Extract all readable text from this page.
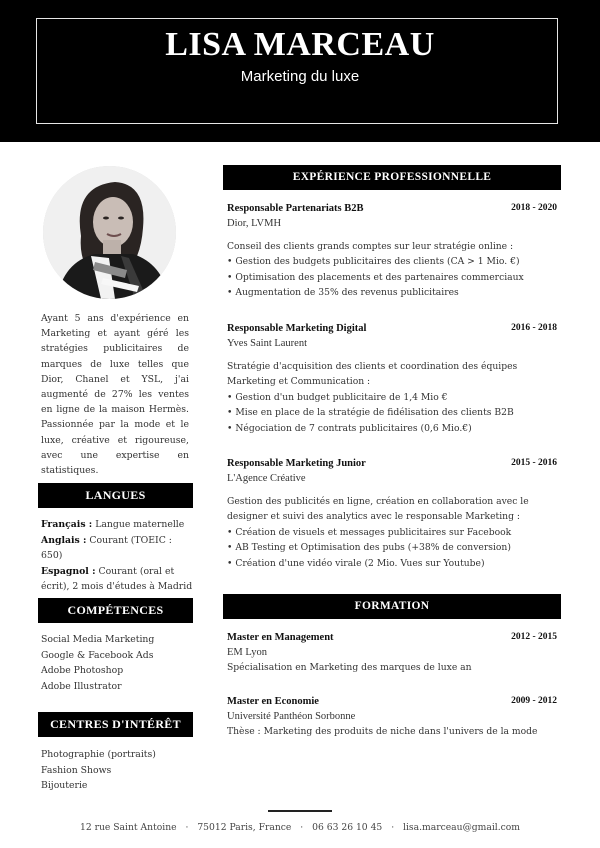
LISA MARCEAU
Marketing du luxe
Ayant 5 ans d'expérience en Marketing et ayant géré les stratégies publicitaires de marques de luxe telles que Dior, Chanel et YSL, j'ai augmenté de 27% les ventes en ligne de la maison Hermès. Passionnée par la mode et le luxe, créative et rigoureuse, avec une expertise en statistiques.
LANGUES
Français : Langue maternelle
Anglais : Courant (TOEIC : 650)
Espagnol : Courant (oral et écrit), 2 mois d'études à Madrid
COMPÉTENCES
Social Media Marketing
Google & Facebook Ads
Adobe Photoshop
Adobe Illustrator
CENTRES D'INTÉRÊT
Photographie (portraits)
Fashion Shows
Bijouterie
EXPÉRIENCE PROFESSIONNELLE
Responsable Partenariats B2B	2018 - 2020
Dior, LVMH
Conseil des clients grands comptes sur leur stratégie online :
• Gestion des budgets publicitaires des clients (CA > 1 Mio. €)
• Optimisation des placements et des partenaires commerciaux
• Augmentation de 35% des revenus publicitaires
Responsable Marketing Digital	2016 - 2018
Yves Saint Laurent
Stratégie d'acquisition des clients et coordination des équipes Marketing et Communication :
• Gestion d'un budget publicitaire de 1,4 Mio €
• Mise en place de la stratégie de fidélisation des clients B2B
• Négociation de 7 contrats publicitaires (0,6 Mio.€)
Responsable Marketing Junior	2015 - 2016
L'Agence Créative
Gestion des publicités en ligne, création en collaboration avec le designer et suivi des analytics avec le responsable Marketing :
• Création de visuels et messages publicitaires sur Facebook
• AB Testing et Optimisation des pubs (+38% de conversion)
• Création d'une vidéo virale (2 Mio. Vues sur Youtube)
FORMATION
Master en Management	2012 - 2015
EM Lyon
Spécialisation en Marketing des marques de luxe an
Master en Economie	2009 - 2012
Université Panthéon Sorbonne
Thèse : Marketing des produits de niche dans l'univers de la mode
12 rue Saint Antoine · 75012 Paris, France · 06 63 26 10 45 · lisa.marceau@gmail.com
